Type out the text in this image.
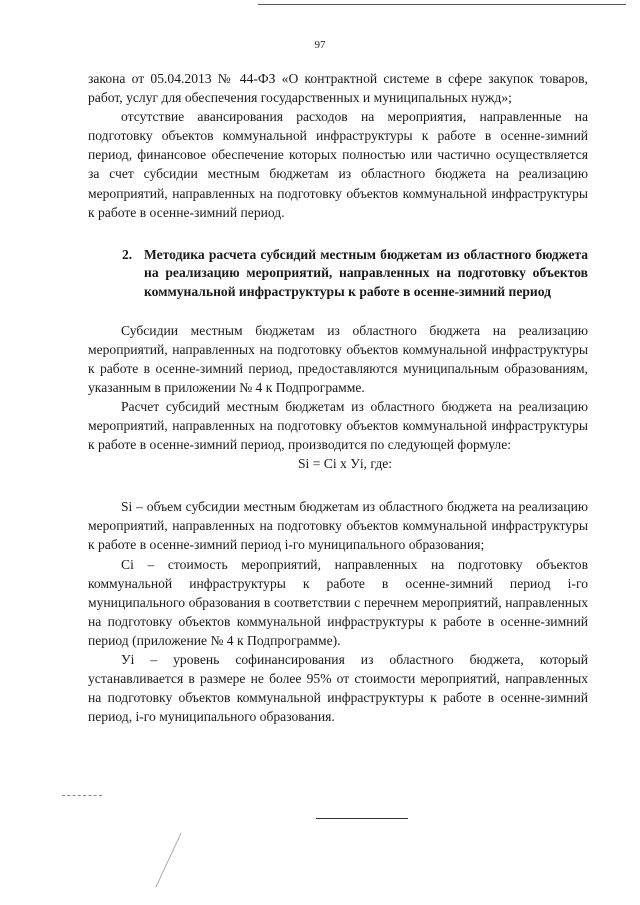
97

закона от 05.04.2013 № 44-ФЗ «О контрактной системе в сфере закупок товаров, работ, услуг для обеспечения государственных и муниципальных нужд»;

отсутствие авансирования расходов на мероприятия, направленные на подготовку объектов коммунальной инфраструктуры к работе в осенне-зимний период, финансовое обеспечение которых полностью или частично осуществляется за счет субсидии местным бюджетам из областного бюджета на реализацию мероприятий, направленных на подготовку объектов коммунальной инфраструктуры к работе в осенне-зимний период.

2. Методика расчета субсидий местным бюджетам из областного бюджета на реализацию мероприятий, направленных на подготовку объектов коммунальной инфраструктуры к работе в осенне-зимний период

Субсидии местным бюджетам из областного бюджета на реализацию мероприятий, направленных на подготовку объектов коммунальной инфраструктуры к работе в осенне-зимний период, предоставляются муниципальным образованиям, указанным в приложении № 4 к Подпрограмме.

Расчет субсидий местным бюджетам из областного бюджета на реализацию мероприятий, направленных на подготовку объектов коммунальной инфраструктуры к работе в осенне-зимний период, производится по следующей формуле:

Si = Ci x Уi, где:

Si – объем субсидии местным бюджетам из областного бюджета на реализацию мероприятий, направленных на подготовку объектов коммунальной инфраструктуры к работе в осенне-зимний период i-го муниципального образования;

Ci – стоимость мероприятий, направленных на подготовку объектов коммунальной инфраструктуры к работе в осенне-зимний период i-го муниципального образования в соответствии с перечнем мероприятий, направленных на подготовку объектов коммунальной инфраструктуры к работе в осенне-зимний период (приложение № 4 к Подпрограмме).

Уi – уровень софинансирования из областного бюджета, который устанавливается в размере не более 95% от стоимости мероприятий, направленных на подготовку объектов коммунальной инфраструктуры к работе в осенне-зимний период, i-го муниципального образования.
